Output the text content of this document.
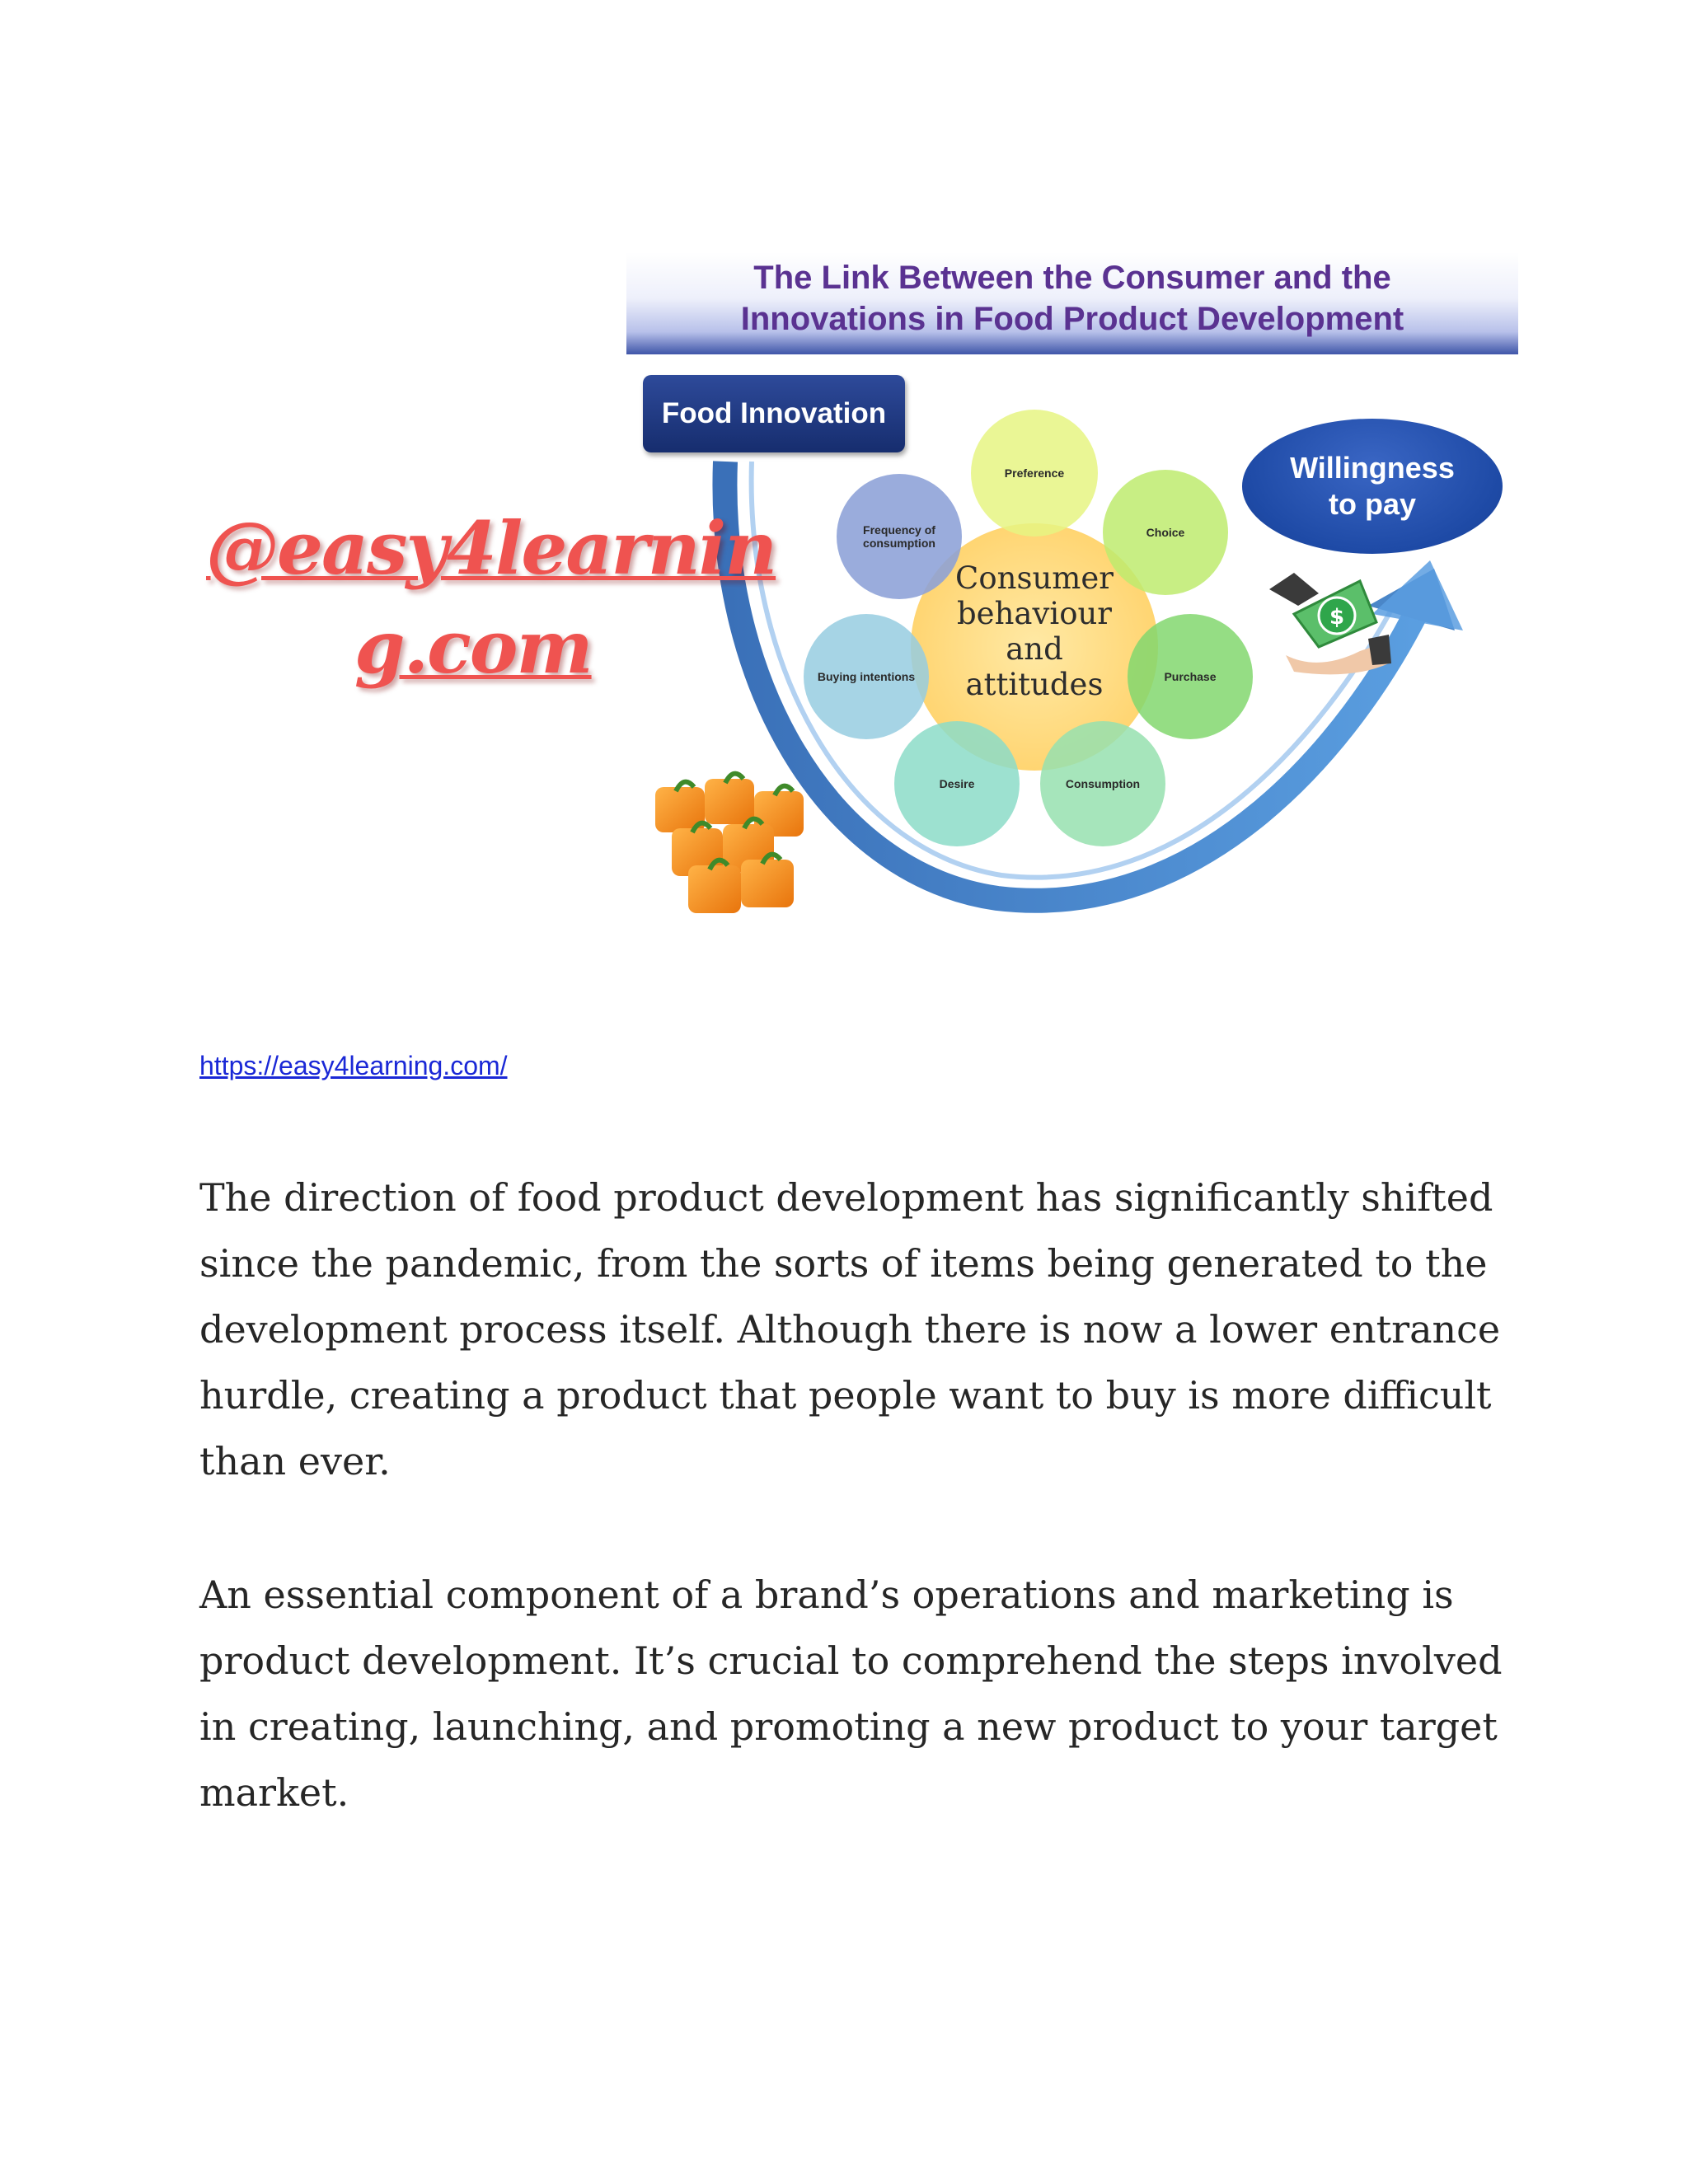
The Link Between the Consumer and the
Innovations in Food Product Development
Food Innovation
Willingness
to pay
$
Preference
Choice
Purchase
Consumption
Desire
Buying intentions
Frequency of consumption
Consumer
behaviour
and
attitudes
@easy4learnin
g.com
https://easy4learning.com/

The direction of food product development has significantly shifted since the pandemic, from the sorts of items being generated to the development process itself. Although there is now a lower entrance hurdle, creating a product that people want to buy is more difficult than ever.

An essential component of a brand’s operations and marketing is product development. It’s crucial to comprehend the steps involved in creating, launching, and promoting a new product to your target market.
